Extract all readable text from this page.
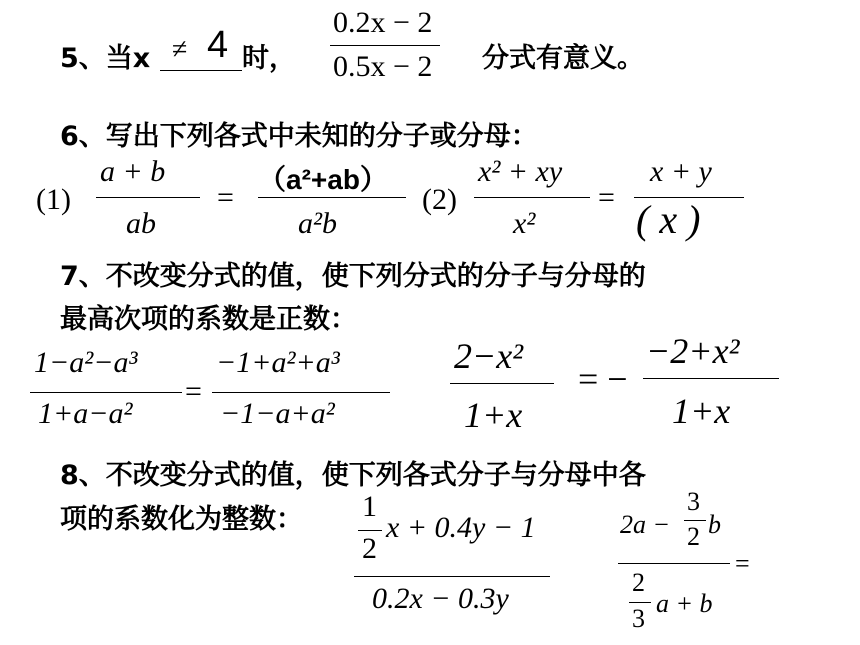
5、当x ≠ 4 时，
0.2x − 2
0.5x − 2 分式有意义。
6、写出下列各式中未知的分子或分母：
(1)
a + b
ab
=
（a²+ab）
a²b
(2)
x² + xy
x²
=
x + y
( x )
7、不改变分式的值，使下列分式的分子与分母的
最高次项的系数是正数：
1−a²−a³
1+a−a²
=
−1+a²+a³
−1−a+a²
2−x²
1+x
= −
−2+x²
1+x
8、不改变分式的值，使下列各式分子与分母中各
项的系数化为整数： 1
2
x + 0.4y − 1
0.2x − 0.3y
2a −
3
2 b
=
2
3
a + b
